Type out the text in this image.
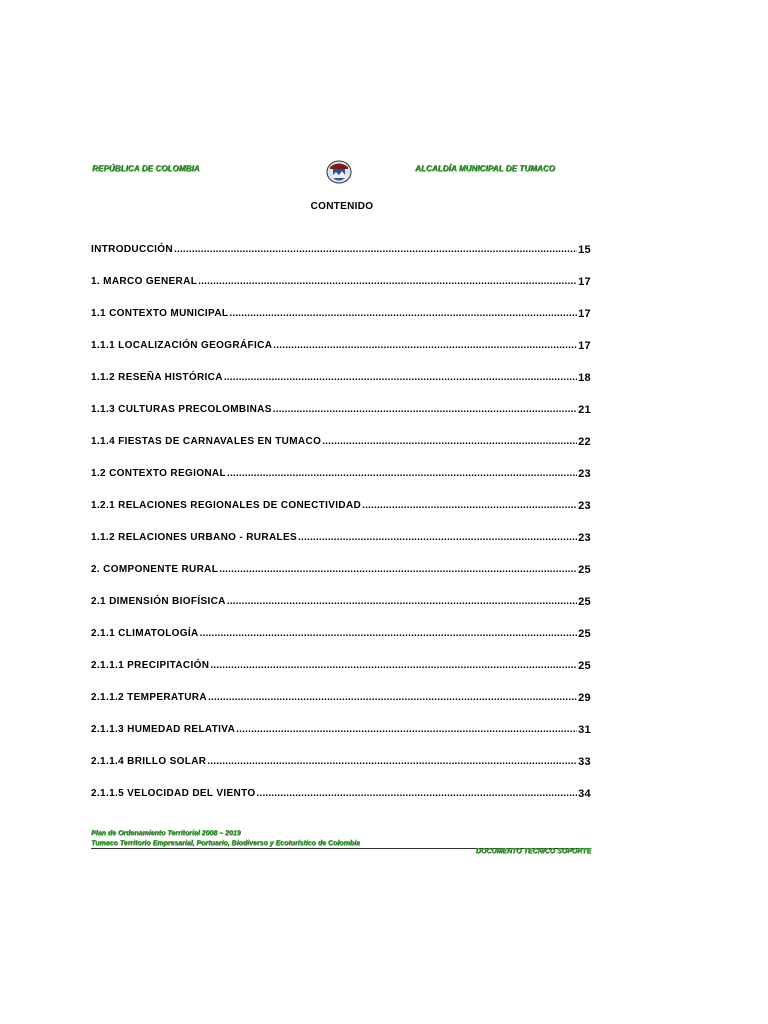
REPÚBLICA DE COLOMBIA	ALCALDÍA MUNICIPAL DE TUMACO
CONTENIDO
INTRODUCCIÓN .....	15
1. MARCO GENERAL .....	17
1.1 CONTEXTO MUNICIPAL .....	17
1.1.1 LOCALIZACIÓN GEOGRÁFICA .....	17
1.1.2 RESEÑA HISTÓRICA .....	18
1.1.3 CULTURAS PRECOLOMBINAS .....	21
1.1.4 FIESTAS DE CARNAVALES EN TUMACO .....	22
1.2 CONTEXTO REGIONAL .....	23
1.2.1 RELACIONES REGIONALES DE CONECTIVIDAD .....	23
1.1.2 RELACIONES URBANO - RURALES .....	23
2. COMPONENTE RURAL .....	25
2.1 DIMENSIÓN BIOFÍSICA .....	25
2.1.1 CLIMATOLOGÍA .....	25
2.1.1.1 PRECIPITACIÓN .....	25
2.1.1.2 TEMPERATURA .....	29
2.1.1.3 HUMEDAD RELATIVA .....	31
2.1.1.4 BRILLO SOLAR .....	33
2.1.1.5 VELOCIDAD DEL VIENTO .....	34
Plan de Ordenamiento Territorial 2008 – 2019
Tumaco Territorio Empresarial, Portuario, Biodiverso y Ecoturístico de Colombia
DOCUMENTO TECNICO SOPORTE
